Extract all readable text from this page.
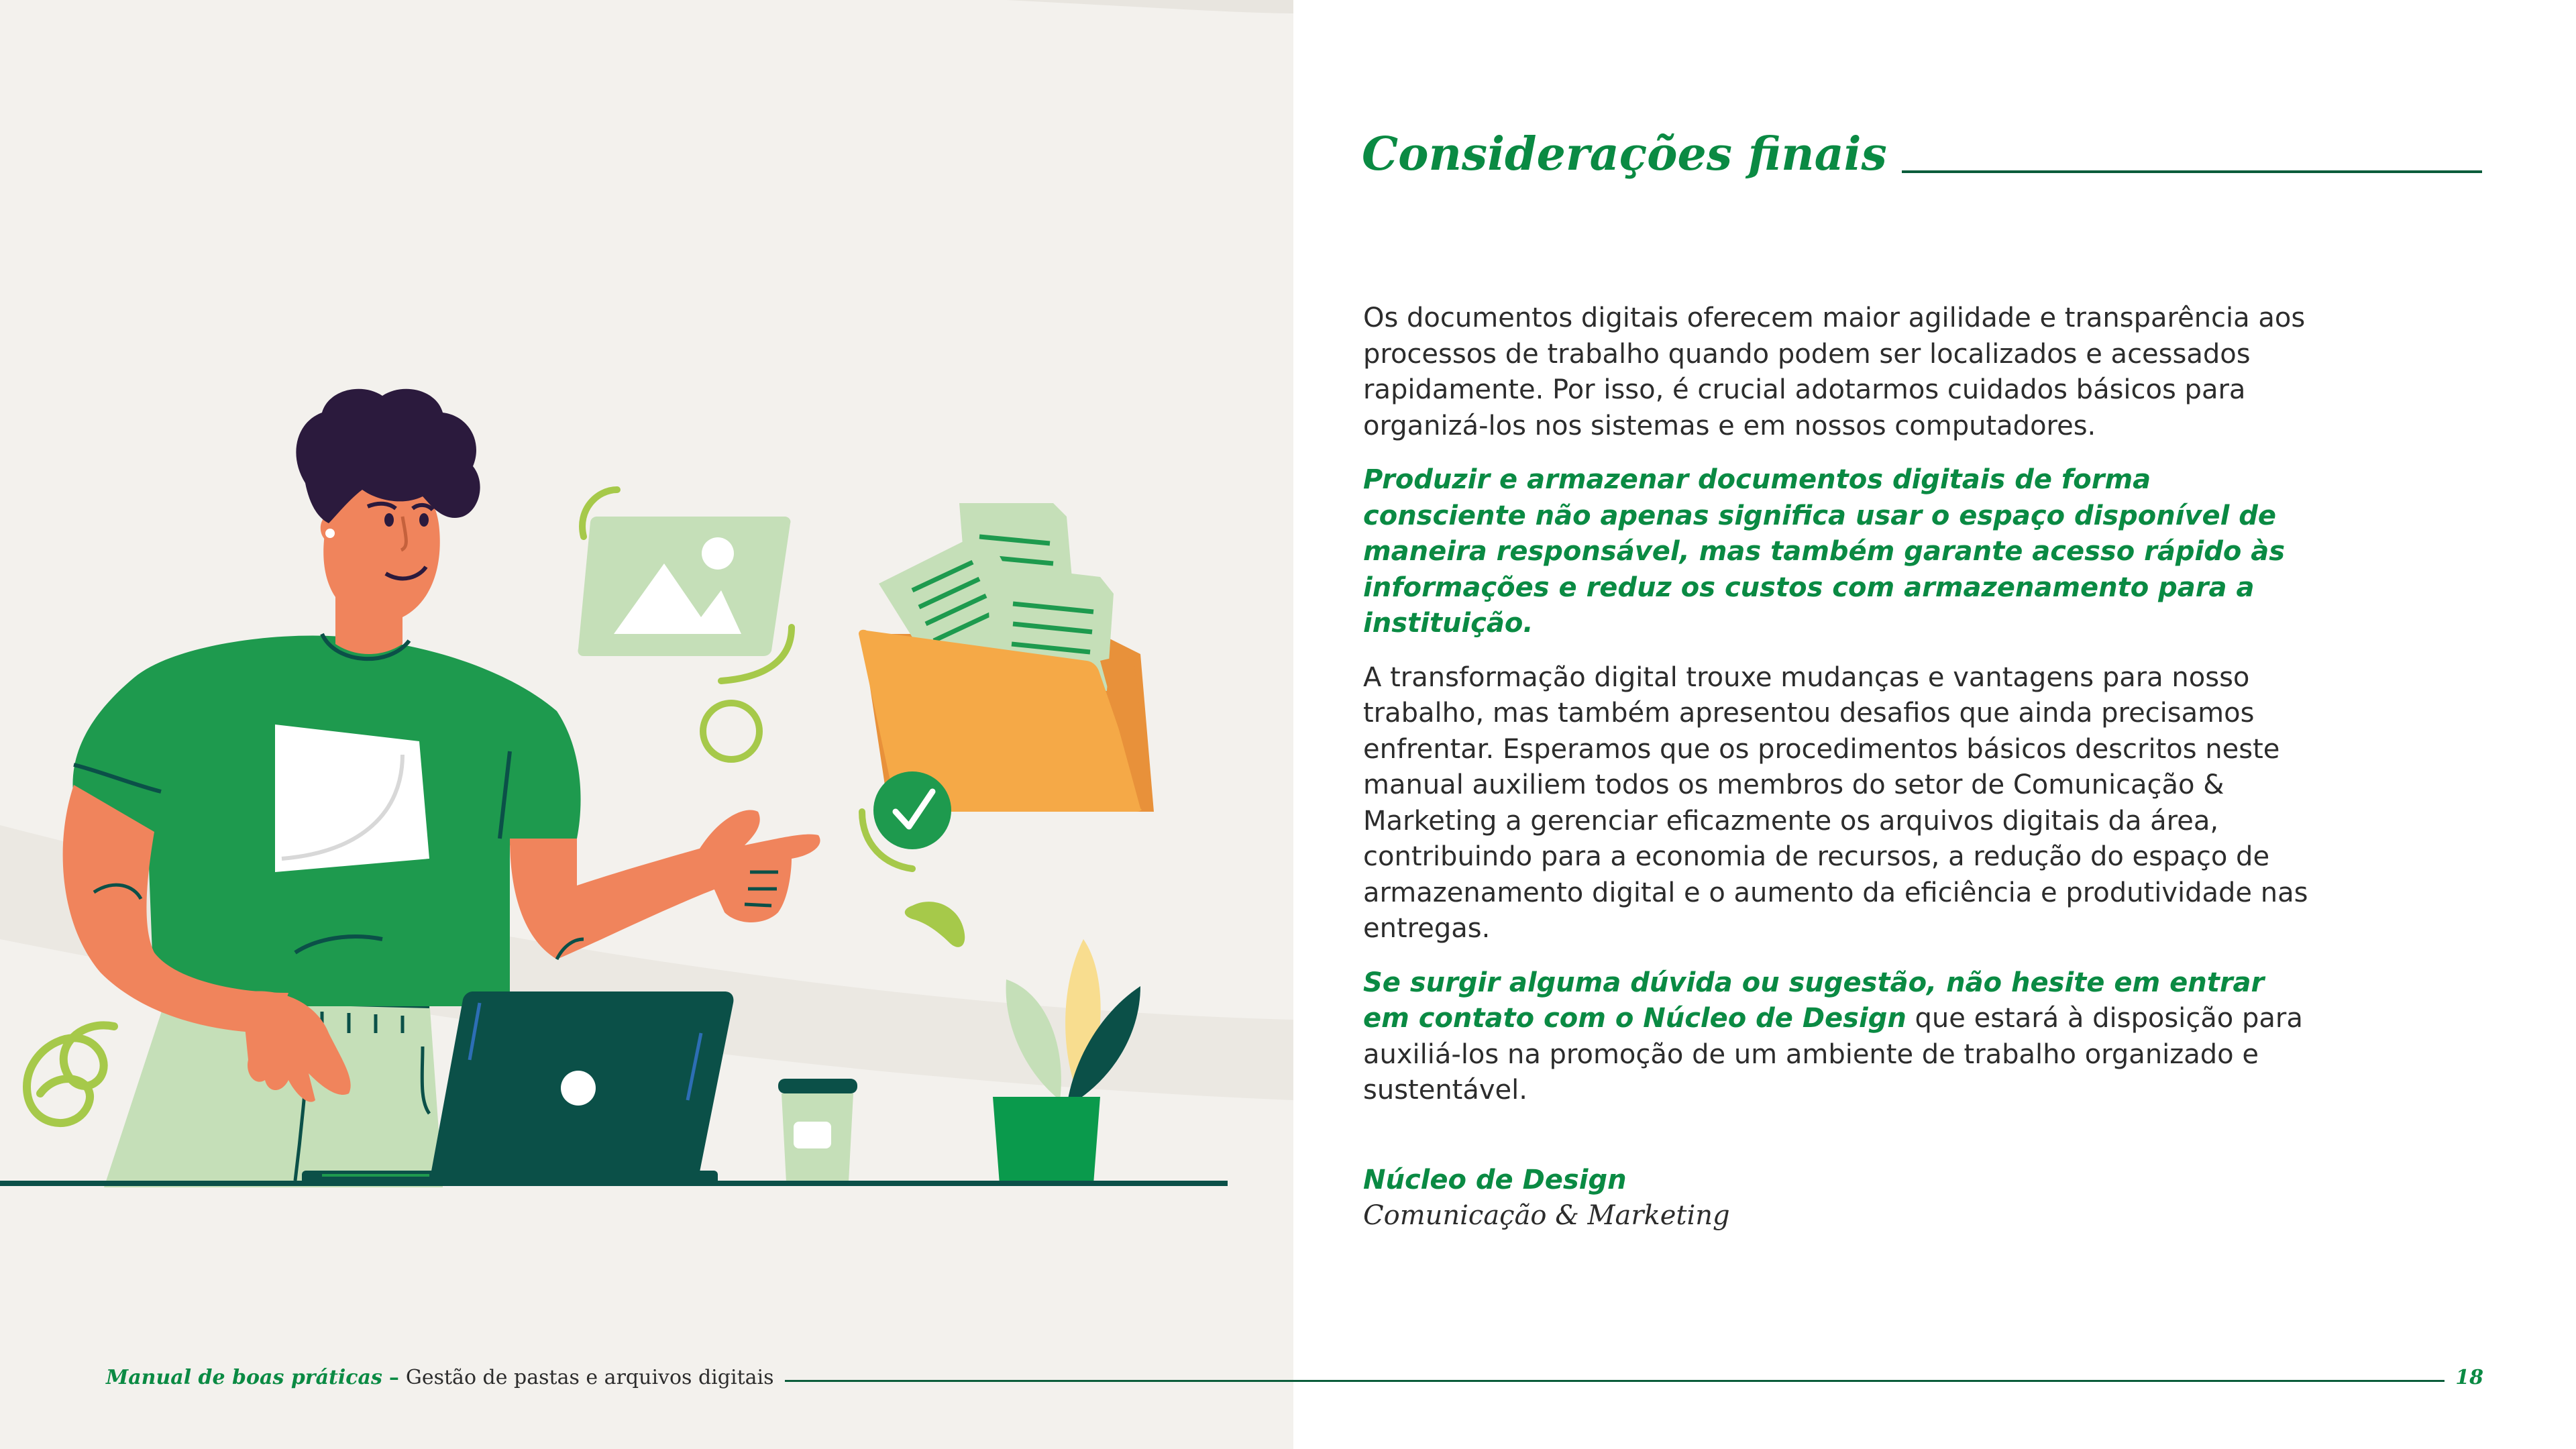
Considerações finais

Os documentos digitais oferecem maior agilidade e transparência aos processos de trabalho quando podem ser localizados e acessados rapidamente. Por isso, é crucial adotarmos cuidados básicos para organizá-los nos sistemas e em nossos computadores.

Produzir e armazenar documentos digitais de forma consciente não apenas significa usar o espaço disponível de maneira responsável, mas também garante acesso rápido às informações e reduz os custos com armazenamento para a instituição.

A transformação digital trouxe mudanças e vantagens para nosso trabalho, mas também apresentou desafios que ainda precisamos enfrentar. Esperamos que os procedimentos básicos descritos neste manual auxiliem todos os membros do setor de Comunicação & Marketing a gerenciar eficazmente os arquivos digitais da área, contribuindo para a economia de recursos, a redução do espaço de armazenamento digital e o aumento da eficiência e produtividade nas entregas.

Se surgir alguma dúvida ou sugestão, não hesite em entrar em contato com o Núcleo de Design que estará à disposição para auxiliá-los na promoção de um ambiente de trabalho organizado e sustentável.

Núcleo de Design
Comunicação & Marketing
Manual de boas práticas – Gestão de pastas e arquivos digitais	18
